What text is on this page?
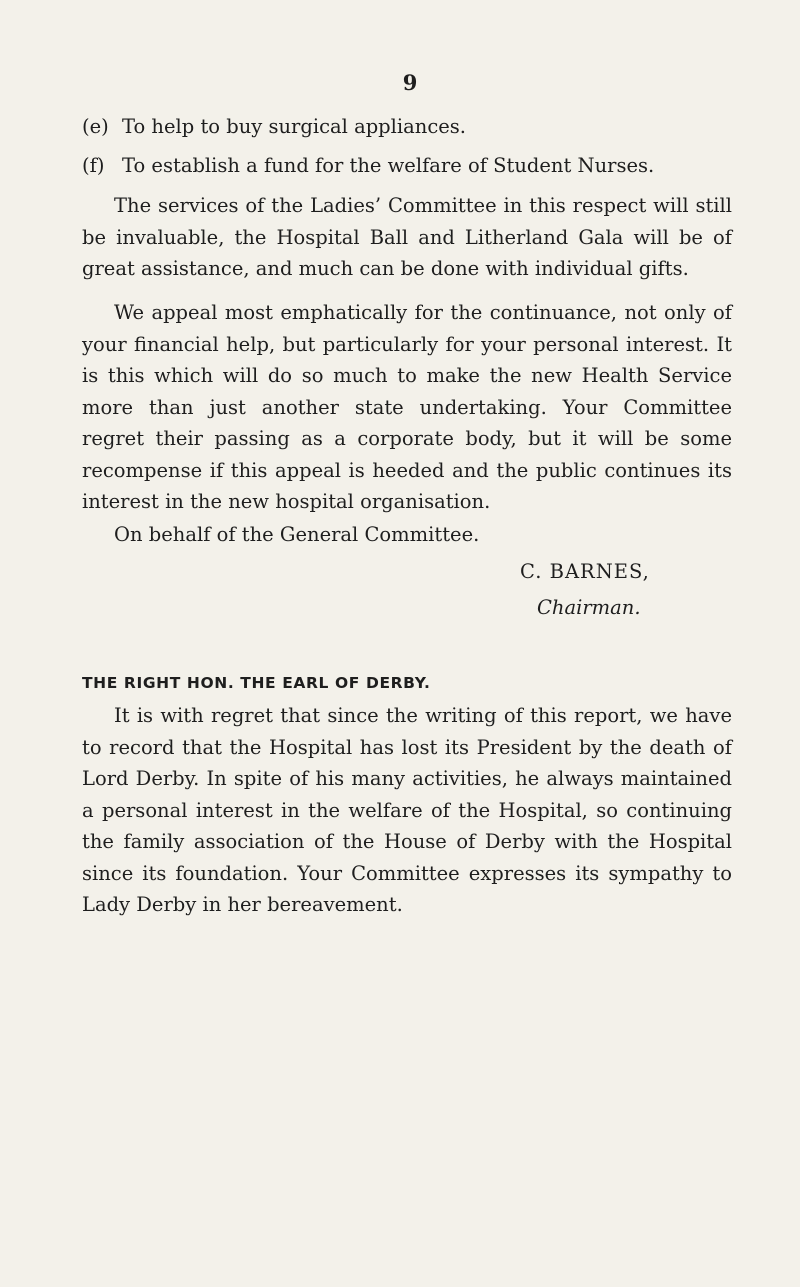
9
(e) To help to buy surgical appliances.
(f) To establish a fund for the welfare of Student Nurses.

The services of the Ladies’ Committee in this respect will still be invaluable, the Hospital Ball and Litherland Gala will be of great assistance, and much can be done with individual gifts.

We appeal most emphatically for the continuance, not only of your financial help, but particularly for your personal interest. It is this which will do so much to make the new Health Service more than just another state undertaking. Your Committee regret their passing as a corporate body, but it will be some recompense if this appeal is heeded and the public continues its interest in the new hospital organisation.

On behalf of the General Committee.

C. BARNES,
Chairman.
THE RIGHT HON. THE EARL OF DERBY.

It is with regret that since the writing of this report, we have to record that the Hospital has lost its President by the death of Lord Derby. In spite of his many activities, he always maintained a personal interest in the welfare of the Hospital, so continuing the family association of the House of Derby with the Hospital since its foundation. Your Committee expresses its sympathy to Lady Derby in her bereavement.
